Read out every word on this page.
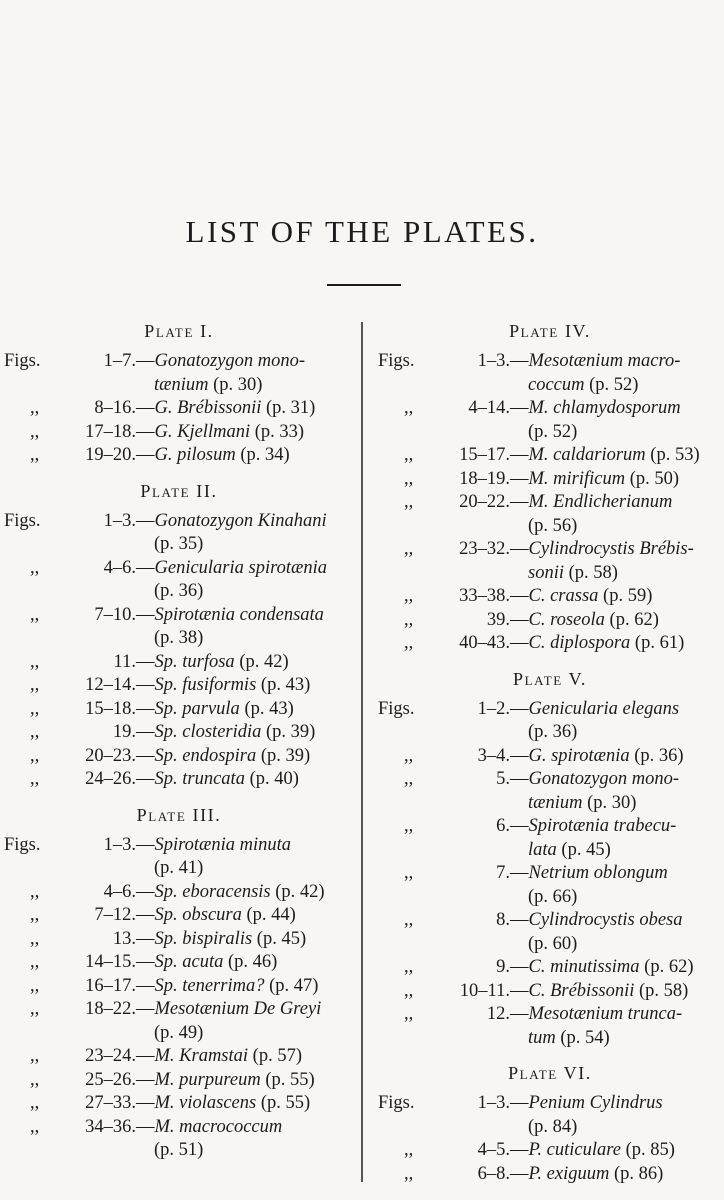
LIST OF THE PLATES.
Plate I.

Figs.	1–7.—Gonatozygon mono-
tænium (p. 30)

,,	8–16.—G. Brébissonii (p. 31)

,, 17–18.—G. Kjellmani (p. 33)

,, 19–20.—G. pilosum (p. 34)

Plate II.

Figs.	1–3.—Gonatozygon Kinahani
(p. 35)

,,	4–6.—Genicularia spirotænia
(p. 36)

,,	7–10.—Spirotænia condensata
(p. 38)

,,	11.—Sp. turfosa (p. 42)

,, 12–14.—Sp. fusiformis (p. 43)

,, 15–18.—Sp. parvula (p. 43)

,,	19.—Sp. closteridia (p. 39)

,, 20–23.—Sp. endospira (p. 39)

,, 24–26.—Sp. truncata (p. 40)

Plate III.

Figs.	1–3.—Spirotænia minuta
(p. 41)

,,	4–6.—Sp. eboracensis (p. 42)

,,	7–12.—Sp. obscura (p. 44)

,,	13.—Sp. bispiralis (p. 45)

,, 14–15.—Sp. acuta (p. 46)

,, 16–17.—Sp. tenerrima? (p. 47)

,, 18–22.—Mesotænium De Greyi
(p. 49)

,, 23–24.—M. Kramstai (p. 57)

,, 25–26.—M. purpureum (p. 55)

,, 27–33.—M. violascens (p. 55)

,, 34–36.—M. macrococcum
(p. 51)

Plate IV.

Figs.	1–3.—Mesotænium macro-
coccum (p. 52)

,,	4–14.—M. chlamydosporum
(p. 52)

,, 15–17.—M. caldariorum (p. 53)

,, 18–19.—M. mirificum (p. 50)

,, 20–22.—M. Endlicherianum
(p. 56)

,, 23–32.—Cylindrocystis Brébis-
sonii (p. 58)

,, 33–38.—C. crassa (p. 59)

,,	39.—C. roseola (p. 62)

,, 40–43.—C. diplospora (p. 61)

Plate V.

Figs.	1–2.—Genicularia elegans
(p. 36)

,,	3–4.—G. spirotænia (p. 36)

,,	5.—Gonatozygon mono-
tænium (p. 30)

,,	6.—Spirotænia trabecu-
lata (p. 45)

,,	7.—Netrium oblongum
(p. 66)

,,	8.—Cylindrocystis obesa
(p. 60)

,,	9.—C. minutissima (p. 62)

,,	10–11.—C. Brébissonii (p. 58)

,,	12.—Mesotænium trunca-
tum (p. 54)

Plate VI.

Figs.	1–3.—Penium Cylindrus
(p. 84)

,,	4–5.—P. cuticulare (p. 85)

,,	6–8.—P. exiguum (p. 86)
